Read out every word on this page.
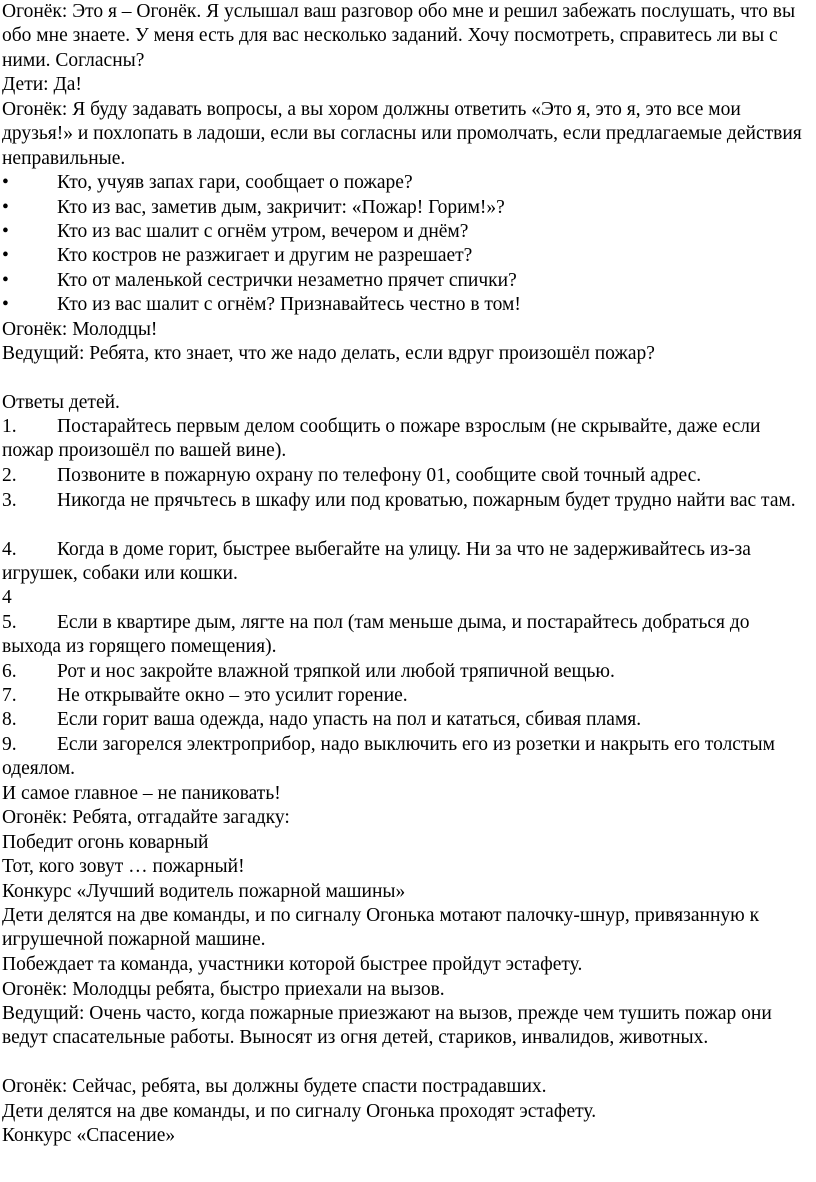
Огонёк: Это я – Огонёк. Я услышал ваш разговор обо мне и решил забежать послушать, что вы обо мне знаете. У меня есть для вас несколько заданий. Хочу посмотреть, справитесь ли вы с ними. Согласны?

Дети: Да!

Огонёк: Я буду задавать вопросы, а вы хором должны ответить «Это я, это я, это все мои друзья!» и похлопать в ладоши, если вы согласны или промолчать, если предлагаемые действия неправильные.

•	Кто, учуяв запах гари, сообщает о пожаре?
•	Кто из вас, заметив дым, закричит: «Пожар! Горим!»?
•	Кто из вас шалит с огнём утром, вечером и днём?
•	Кто костров не разжигает и другим не разрешает?
•	Кто от маленькой сестрички незаметно прячет спички?
•	Кто из вас шалит с огнём? Признавайтесь честно в том!

Огонёк: Молодцы!

Ведущий: Ребята, кто знает, что же надо делать, если вдруг произошёл пожар?

Ответы детей.

1.	Постарайтесь первым делом сообщить о пожаре взрослым (не скрывайте, даже если пожар произошёл по вашей вине).
2.	Позвоните в пожарную охрану по телефону 01, сообщите свой точный адрес.
3.	Никогда не прячьтесь в шкафу или под кроватью, пожарным будет трудно найти вас там.
4.	Когда в доме горит, быстрее выбегайте на улицу. Ни за что не задерживайтесь из-за игрушек, собаки или кошки.

4

5.	Если в квартире дым, лягте на пол (там меньше дыма, и постарайтесь добраться до выхода из горящего помещения).
6.	Рот и нос закройте влажной тряпкой или любой тряпичной вещью.
7.	Не открывайте окно – это усилит горение.
8.	Если горит ваша одежда, надо упасть на пол и кататься, сбивая пламя.
9.	Если загорелся электроприбор, надо выключить его из розетки и накрыть его толстым одеялом.

И самое главное – не паниковать!

Огонёк: Ребята, отгадайте загадку:

Победит огонь коварный

Тот, кого зовут … пожарный!

Конкурс «Лучший водитель пожарной машины»

Дети делятся на две команды, и по сигналу Огонька мотают палочку-шнур, привязанную к игрушечной пожарной машине.

Побеждает та команда, участники которой быстрее пройдут эстафету.

Огонёк: Молодцы ребята, быстро приехали на вызов.

Ведущий: Очень часто, когда пожарные приезжают на вызов, прежде чем тушить пожар они ведут спасательные работы. Выносят из огня детей, стариков, инвалидов, животных.

Огонёк: Сейчас, ребята, вы должны будете спасти пострадавших.

Дети делятся на две команды, и по сигналу Огонька проходят эстафету.

Конкурс «Спасение»
